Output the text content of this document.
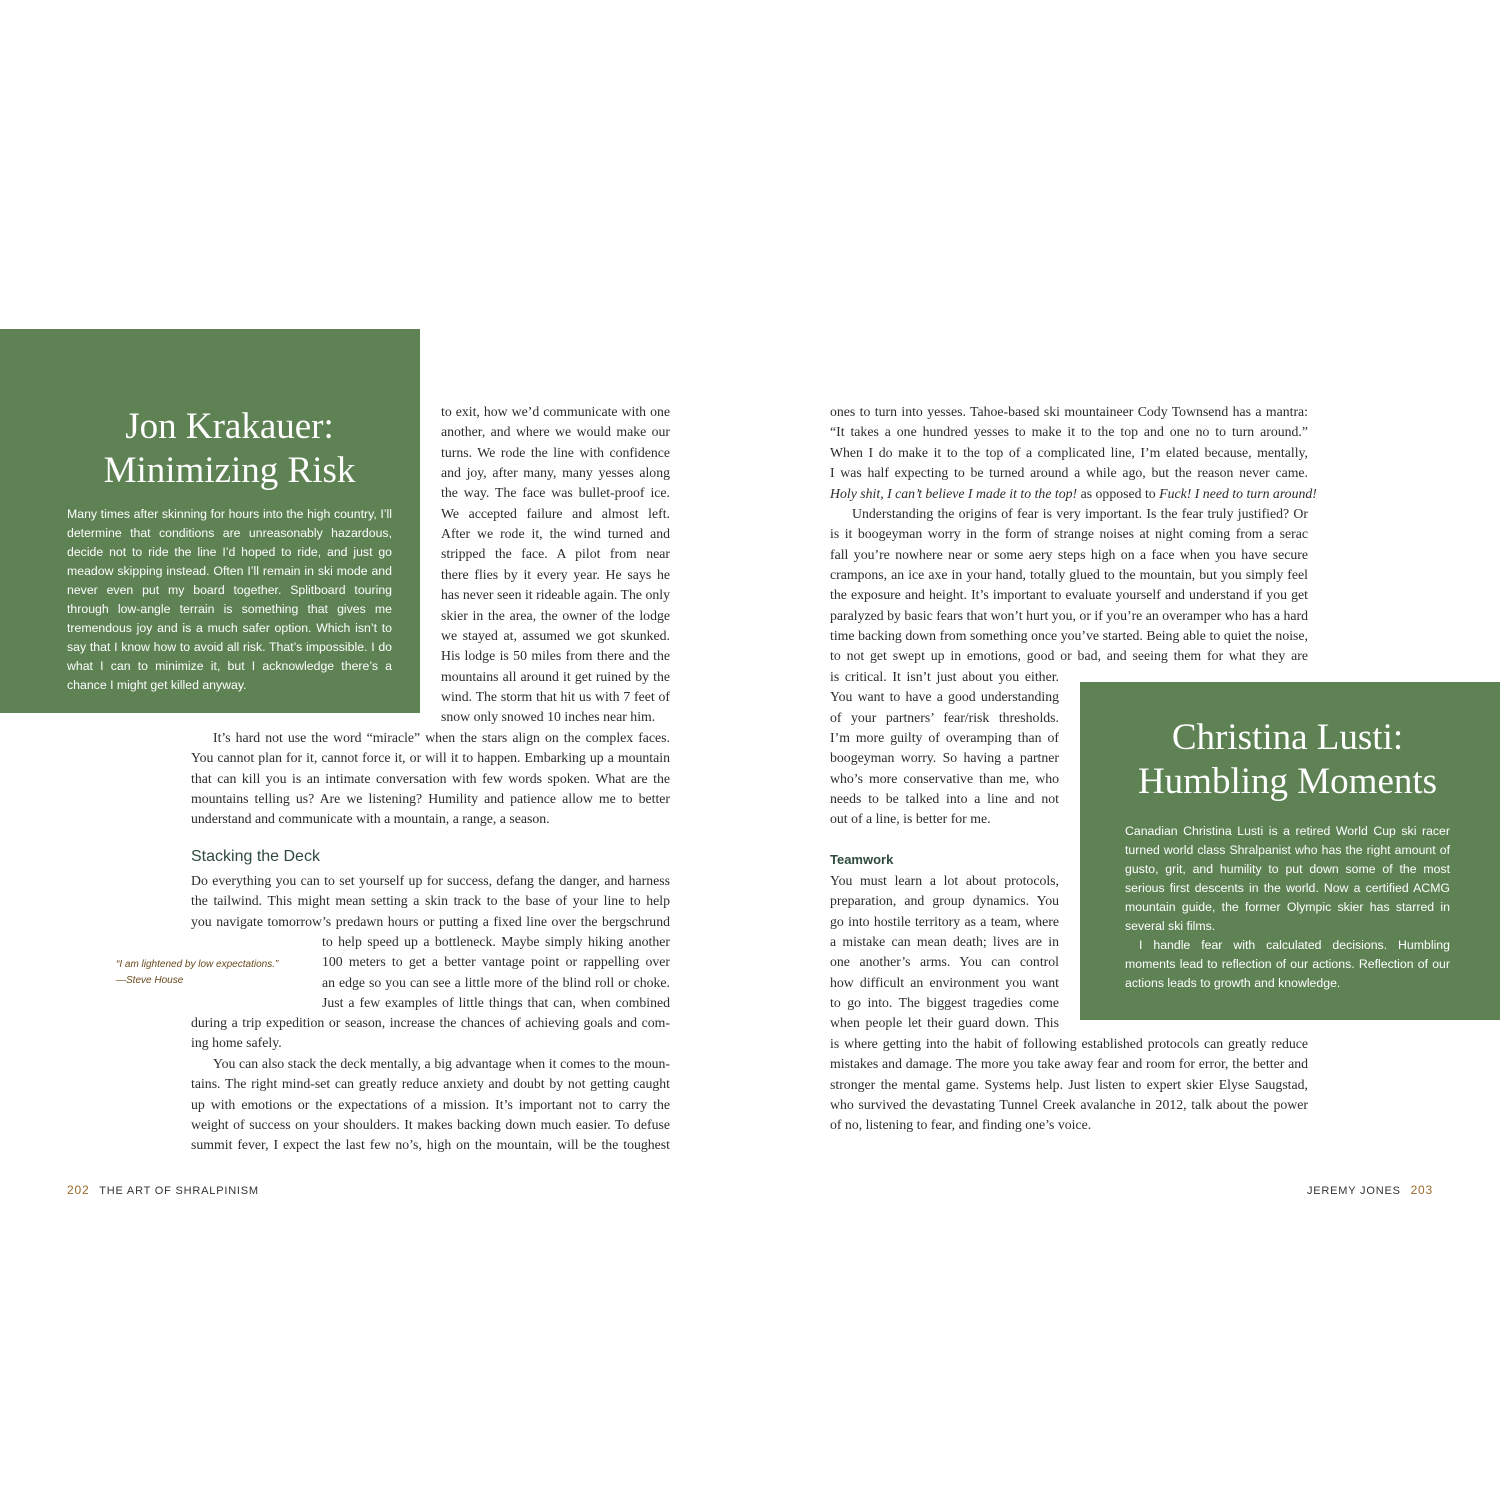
Jon Krakauer:
Minimizing Risk

Many times after skinning for hours into the high country, I’ll determine that conditions are unreasonably hazardous, decide not to ride the line I’d hoped to ride, and just go meadow skipping instead. Often I’ll remain in ski mode and never even put my board together. Splitboard touring through low-angle terrain is something that gives me tremendous joy and is a much safer option. Which isn’t to say that I know how to avoid all risk. That’s impossible. I do what I can to minimize it, but I acknowledge there’s a chance I might get killed anyway.

Christina Lusti:
Humbling Moments

Canadian Christina Lusti is a retired World Cup ski racer turned world class Shralpanist who has the right amount of gusto, grit, and humility to put down some of the most serious first descents in the world. Now a certified ACMG mountain guide, the former Olympic skier has starred in several ski films.

I handle fear with calculated decisions. Humbling moments lead to reflection of our actions. Reflection of our actions leads to growth and knowledge.

to exit, how we’d communicate with one
another, and where we would make our
turns. We rode the line with confidence
and joy, after many, many yesses along
the way. The face was bullet-proof ice.
We accepted failure and almost left.
After we rode it, the wind turned and
stripped the face. A pilot from near
there flies by it every year. He says he
has never seen it rideable again. The only
skier in the area, the owner of the lodge
we stayed at, assumed we got skunked.
His lodge is 50 miles from there and the
mountains all around it get ruined by the
wind. The storm that hit us with 7 feet of
snow only snowed 10 inches near him.
It’s hard not use the word “miracle” when the stars align on the complex faces.
You cannot plan for it, cannot force it, or will it to happen. Embarking up a mountain
that can kill you is an intimate conversation with few words spoken. What are the
mountains telling us? Are we listening? Humility and patience allow me to better
understand and communicate with a mountain, a range, a season.
Stacking the Deck
Do everything you can to set yourself up for success, defang the danger, and harness
the tailwind. This might mean setting a skin track to the base of your line to help
you navigate tomorrow’s predawn hours or putting a fixed line over the bergschrund
to help speed up a bottleneck. Maybe simply hiking another
100 meters to get a better vantage point or rappelling over
an edge so you can see a little more of the blind roll or choke.
Just a few examples of little things that can, when combined
during a trip expedition or season, increase the chances of achieving goals and com-
ing home safely.
You can also stack the deck mentally, a big advantage when it comes to the moun-
tains. The right mind-set can greatly reduce anxiety and doubt by not getting caught
up with emotions or the expectations of a mission. It’s important not to carry the
weight of success on your shoulders. It makes backing down much easier. To defuse
summit fever, I expect the last few no’s, high on the mountain, will be the toughest
“I am lightened by low expectations.”
—Steve House
202 THE ART OF SHRALPINISM
ones to turn into yesses. Tahoe-based ski mountaineer Cody Townsend has a mantra:
“It takes a one hundred yesses to make it to the top and one no to turn around.”
When I do make it to the top of a complicated line, I’m elated because, mentally,
I was half expecting to be turned around a while ago, but the reason never came.
Holy shit, I can’t believe I made it to the top! as opposed to Fuck! I need to turn around!
Understanding the origins of fear is very important. Is the fear truly justified? Or
is it boogeyman worry in the form of strange noises at night coming from a serac
fall you’re nowhere near or some aery steps high on a face when you have secure
crampons, an ice axe in your hand, totally glued to the mountain, but you simply feel
the exposure and height. It’s important to evaluate yourself and understand if you get
paralyzed by basic fears that won’t hurt you, or if you’re an overamper who has a hard
time backing down from something once you’ve started. Being able to quiet the noise,
to not get swept up in emotions, good or bad, and seeing them for what they are
is critical. It isn’t just about you either.
You want to have a good understanding
of your partners’ fear/risk thresholds.
I’m more guilty of overamping than of
boogeyman worry. So having a partner
who’s more conservative than me, who
needs to be talked into a line and not
out of a line, is better for me.
Teamwork
You must learn a lot about protocols,
preparation, and group dynamics. You
go into hostile territory as a team, where
a mistake can mean death; lives are in
one another’s arms. You can control
how difficult an environment you want
to go into. The biggest tragedies come
when people let their guard down. This
is where getting into the habit of following established protocols can greatly reduce
mistakes and damage. The more you take away fear and room for error, the better and
stronger the mental game. Systems help. Just listen to expert skier Elyse Saugstad,
who survived the devastating Tunnel Creek avalanche in 2012, talk about the power
of no, listening to fear, and finding one’s voice.
JEREMY JONES 203
